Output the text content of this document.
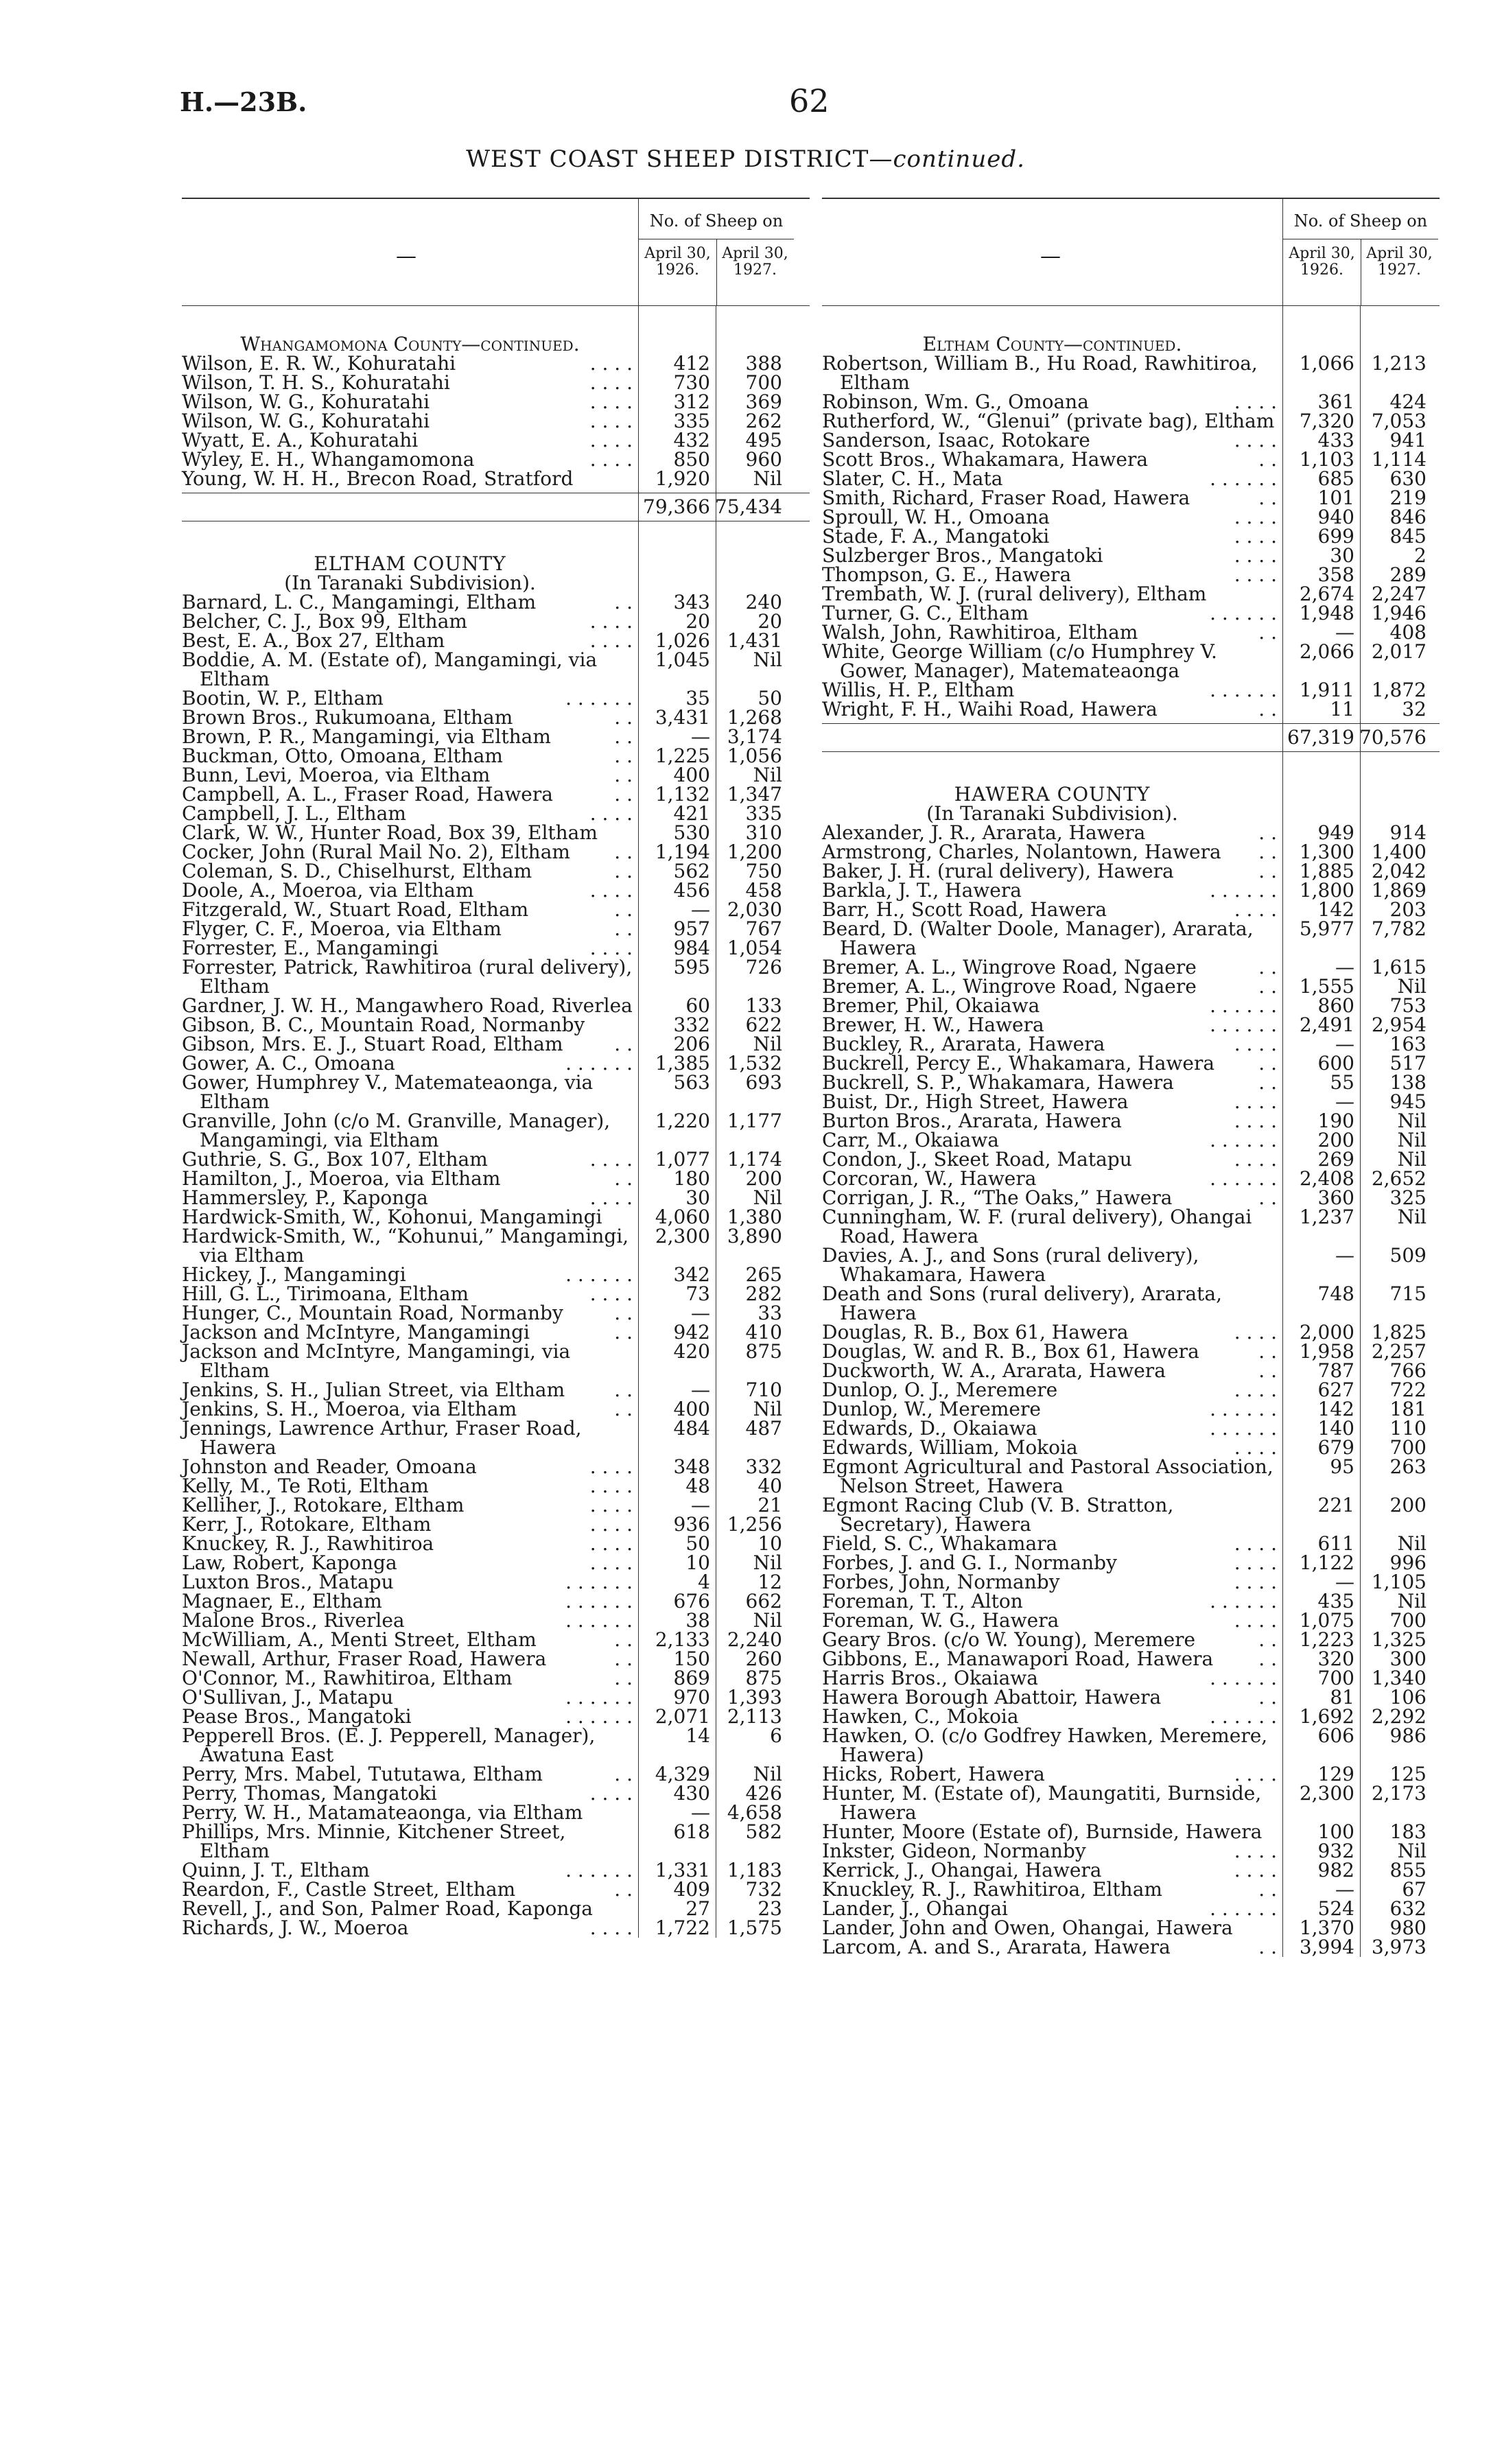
H.—23B.	62
WEST COAST SHEEP DISTRICT—continued.
—
No. of Sheep on
April 30, 1926.
April 30, 1927.
Whangamomona County—continued.
Wilson, E. R. W., Kohuratahi	. . . .	412	388
Wilson, T. H. S., Kohuratahi	. . . .	730	700
Wilson, W. G., Kohuratahi	. . . .	312	369
Wilson, W. G., Kohuratahi	. . . .	335	262
Wyatt, E. A., Kohuratahi	. . . .	432	495
Wyley, E. H., Whangamomona	. . . .	850	960
Young, W. H. H., Brecon Road, Stratford	1,920	Nil
79,366 75,434
ELTHAM COUNTY
(In Taranaki Subdivision).
Barnard, L. C., Mangamingi, Eltham	. .	343	240
Belcher, C. J., Box 99, Eltham	. . . .	20	20
Best, E. A., Box 27, Eltham	. . . .	1,026 1,431
Boddie, A. M. (Estate of), Mangamingi, via Eltham
1,045	Nil
Bootin, W. P., Eltham	. . . . . .	35	50
Brown Bros., Rukumoana, Eltham	. .	3,431 1,268
Brown, P. R., Mangamingi, via Eltham	. .	— 3,174
Buckman, Otto, Omoana, Eltham	. .	1,225 1,056
Bunn, Levi, Moeroa, via Eltham	. .	400	Nil
Campbell, A. L., Fraser Road, Hawera	. .	1,132 1,347
Campbell, J. L., Eltham	. . . .	421	335
Clark, W. W., Hunter Road, Box 39, Eltham	530	310
Cocker, John (Rural Mail No. 2), Eltham	. .	1,194 1,200
Coleman, S. D., Chiselhurst, Eltham	. .	562	750
Doole, A., Moeroa, via Eltham	. . . .	456	458
Fitzgerald, W., Stuart Road, Eltham	. .	— 2,030
Flyger, C. F., Moeroa, via Eltham	. .	957	767
Forrester, E., Mangamingi	. . . .	984 1,054
Forrester, Patrick, Rawhitiroa (rural delivery), Eltham
595	726
Gardner, J. W. H., Mangawhero Road, Riverlea	60	133
Gibson, B. C., Mountain Road, Normanby	332	622
Gibson, Mrs. E. J., Stuart Road, Eltham	. .	206	Nil
Gower, A. C., Omoana	. . . . . .	1,385 1,532
Gower, Humphrey V., Matemateaonga, via Eltham
563	693
Granville, John (c/o M. Granville, Manager), Mangamingi, via Eltham
1,220 1,177
Guthrie, S. G., Box 107, Eltham	. . . .	1,077 1,174
Hamilton, J., Moeroa, via Eltham	. .	180	200
Hammersley, P., Kaponga	. . . .	30	Nil
Hardwick-Smith, W., Kohonui, Mangamingi	4,060 1,380
Hardwick-Smith, W., “Kohunui,” Mangamingi, via Eltham
2,300 3,890
Hickey, J., Mangamingi	. . . . . .	342	265
Hill, G. L., Tirimoana, Eltham	. . . .	73	282
Hunger, C., Mountain Road, Normanby	. .	—	33
Jackson and McIntyre, Mangamingi	. .	942	410
Jackson and McIntyre, Mangamingi, via Eltham
420	875
Jenkins, S. H., Julian Street, via Eltham	. .	—	710
Jenkins, S. H., Moeroa, via Eltham	. .	400	Nil
Jennings, Lawrence Arthur, Fraser Road, Hawera
484	487
Johnston and Reader, Omoana	. . . .	348	332
Kelly, M., Te Roti, Eltham	. . . .	48	40
Kelliher, J., Rotokare, Eltham	. . . .	—	21
Kerr, J., Rotokare, Eltham	. . . .	936 1,256
Knuckey, R. J., Rawhitiroa	. . . .	50	10
Law, Robert, Kaponga	. . . .	10	Nil
Luxton Bros., Matapu	. . . . . .	4	12
Magnaer, E., Eltham	. . . . . .	676	662
Malone Bros., Riverlea	. . . . . .	38	Nil
McWilliam, A., Menti Street, Eltham	. .	2,133 2,240
Newall, Arthur, Fraser Road, Hawera	. .	150	260
O'Connor, M., Rawhitiroa, Eltham	. .	869	875
O'Sullivan, J., Matapu	. . . . . .	970 1,393
Pease Bros., Mangatoki	. . . . . .	2,071 2,113
Pepperell Bros. (E. J. Pepperell, Manager), Awatuna East
14	6
Perry, Mrs. Mabel, Tututawa, Eltham	. .	4,329	Nil
Perry, Thomas, Mangatoki	. . . .	430	426
Perry, W. H., Matamateaonga, via Eltham	— 4,658
Phillips, Mrs. Minnie, Kitchener Street, Eltham
618	582
Quinn, J. T., Eltham	. . . . . .	1,331 1,183
Reardon, F., Castle Street, Eltham	. .	409	732
Revell, J., and Son, Palmer Road, Kaponga	27	23
Richards, J. W., Moeroa	. . . .	1,722 1,575
—
No. of Sheep on
April 30, 1926.
April 30, 1927.
Eltham County—continued.
Robertson, William B., Hu Road, Rawhitiroa, Eltham
1,066 1,213
Robinson, Wm. G., Omoana	. . . .	361	424
Rutherford, W., “Glenui” (private bag), Eltham	7,320 7,053
Sanderson, Isaac, Rotokare	. . . .	433	941
Scott Bros., Whakamara, Hawera	. .	1,103 1,114
Slater, C. H., Mata	. . . . . .	685	630
Smith, Richard, Fraser Road, Hawera	. .	101	219
Sproull, W. H., Omoana	. . . .	940	846
Stade, F. A., Mangatoki	. . . .	699	845
Sulzberger Bros., Mangatoki	. . . .	30	2
Thompson, G. E., Hawera	. . . .	358	289
Trembath, W. J. (rural delivery), Eltham	2,674 2,247
Turner, G. C., Eltham	. . . . . .	1,948 1,946
Walsh, John, Rawhitiroa, Eltham	. .	—	408
White, George William (c/o Humphrey V. Gower, Manager), Matemateaonga
2,066 2,017
Willis, H. P., Eltham	. . . . . .	1,911 1,872
Wright, F. H., Waihi Road, Hawera	. .	11	32
67,319 70,576
HAWERA COUNTY
(In Taranaki Subdivision).
Alexander, J. R., Ararata, Hawera	. .	949	914
Armstrong, Charles, Nolantown, Hawera	. .	1,300 1,400
Baker, J. H. (rural delivery), Hawera	. .	1,885 2,042
Barkla, J. T., Hawera	. . . . . .	1,800 1,869
Barr, H., Scott Road, Hawera	. . . .	142	203
Beard, D. (Walter Doole, Manager), Ararata, Hawera
5,977 7,782
Bremer, A. L., Wingrove Road, Ngaere	. .	— 1,615
Bremer, A. L., Wingrove Road, Ngaere	. .	1,555	Nil
Bremer, Phil, Okaiawa	. . . . . .	860	753
Brewer, H. W., Hawera	. . . . . .	2,491 2,954
Buckley, R., Ararata, Hawera	. . . .	—	163
Buckrell, Percy E., Whakamara, Hawera	. .	600	517
Buckrell, S. P., Whakamara, Hawera	. .	55	138
Buist, Dr., High Street, Hawera	. . . .	—	945
Burton Bros., Ararata, Hawera	. . . .	190	Nil
Carr, M., Okaiawa	. . . . . .	200	Nil
Condon, J., Skeet Road, Matapu	. . . .	269	Nil
Corcoran, W., Hawera	. . . . . .	2,408 2,652
Corrigan, J. R., “The Oaks,” Hawera	. .	360	325
Cunningham, W. F. (rural delivery), Ohangai Road, Hawera
1,237	Nil
Davies, A. J., and Sons (rural delivery), Whakamara, Hawera
—	509
Death and Sons (rural delivery), Ararata, Hawera
748	715
Douglas, R. B., Box 61, Hawera	. . . .	2,000 1,825
Douglas, W. and R. B., Box 61, Hawera	. .	1,958 2,257
Duckworth, W. A., Ararata, Hawera	. .	787	766
Dunlop, O. J., Meremere	. . . .	627	722
Dunlop, W., Meremere	. . . . . .	142	181
Edwards, D., Okaiawa	. . . . . .	140	110
Edwards, William, Mokoia	. . . .	679	700
Egmont Agricultural and Pastoral Association, Nelson Street, Hawera
95	263
Egmont Racing Club (V. B. Stratton, Secretary), Hawera
221	200
Field, S. C., Whakamara	. . . .	611	Nil
Forbes, J. and G. I., Normanby	. . . .	1,122	996
Forbes, John, Normanby	. . . .	— 1,105
Foreman, T. T., Alton	. . . . . .	435	Nil
Foreman, W. G., Hawera	. . . .	1,075	700
Geary Bros. (c/o W. Young), Meremere	. .	1,223 1,325
Gibbons, E., Manawapori Road, Hawera	. .	320	300
Harris Bros., Okaiawa	. . . . . .	700 1,340
Hawera Borough Abattoir, Hawera	. .	81	106
Hawken, C., Mokoia	. . . . . .	1,692 2,292
Hawken, O. (c/o Godfrey Hawken, Meremere, Hawera)
606	986
Hicks, Robert, Hawera	. . . .	129	125
Hunter, M. (Estate of), Maungatiti, Burnside, Hawera
2,300 2,173
Hunter, Moore (Estate of), Burnside, Hawera	100	183
Inkster, Gideon, Normanby	. . . .	932	Nil
Kerrick, J., Ohangai, Hawera	. . . .	982	855
Knuckley, R. J., Rawhitiroa, Eltham	. .	—	67
Lander, J., Ohangai	. . . . . .	524	632
Lander, John and Owen, Ohangai, Hawera	1,370	980
Larcom, A. and S., Ararata, Hawera	. .	3,994 3,973
